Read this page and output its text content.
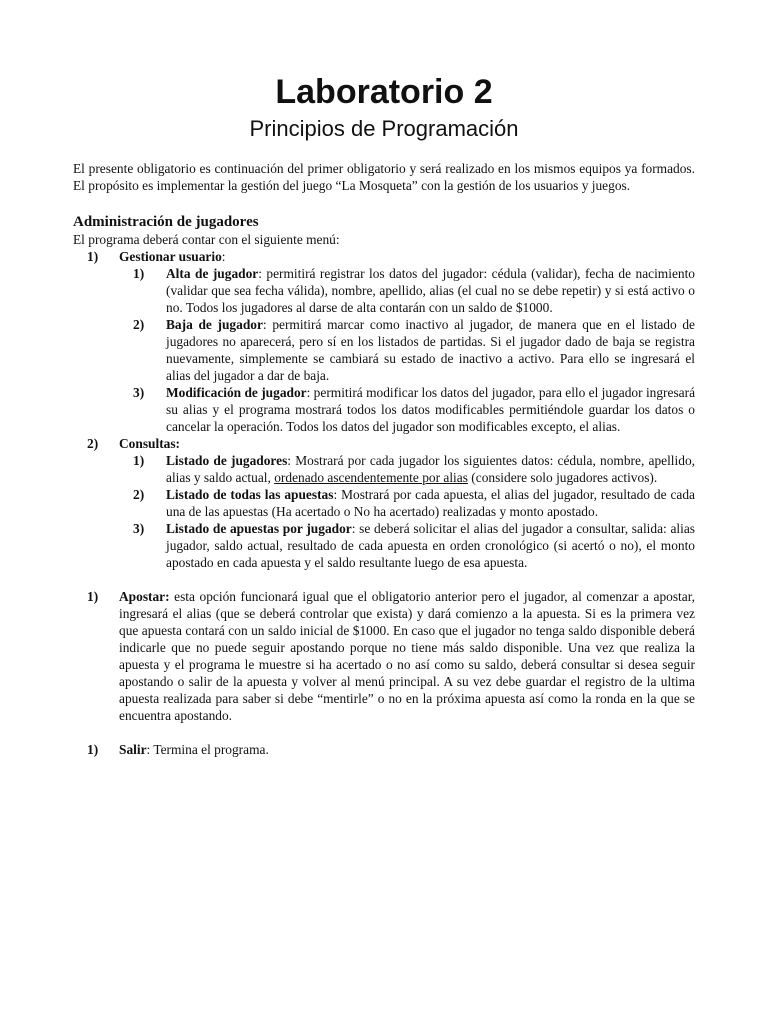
Laboratorio 2
Principios de Programación

El presente obligatorio es continuación del primer obligatorio y será realizado en los mismos equipos ya formados. El propósito es implementar la gestión del juego “La Mosqueta” con la gestión de los usuarios y juegos.

Administración de jugadores

El programa deberá contar con el siguiente menú:

1) Gestionar usuario:
1) Alta de jugador: permitirá registrar los datos del jugador: cédula (validar), fecha de nacimiento (validar que sea fecha válida), nombre, apellido, alias (el cual no se debe repetir) y si está activo o no. Todos los jugadores al darse de alta contarán con un saldo de $1000.
2) Baja de jugador: permitirá marcar como inactivo al jugador, de manera que en el listado de jugadores no aparecerá, pero sí en los listados de partidas. Si el jugador dado de baja se registra nuevamente, simplemente se cambiará su estado de inactivo a activo. Para ello se ingresará el alias del jugador a dar de baja.
3) Modificación de jugador: permitirá modificar los datos del jugador, para ello el jugador ingresará su alias y el programa mostrará todos los datos modificables permitiéndole guardar los datos o cancelar la operación. Todos los datos del jugador son modificables excepto, el alias.
2) Consultas:
1) Listado de jugadores: Mostrará por cada jugador los siguientes datos: cédula, nombre, apellido, alias y saldo actual, ordenado ascendentemente por alias (considere solo jugadores activos).
2) Listado de todas las apuestas: Mostrará por cada apuesta, el alias del jugador, resultado de cada una de las apuestas (Ha acertado o No ha acertado) realizadas y monto apostado.
3) Listado de apuestas por jugador: se deberá solicitar el alias del jugador a consultar, salida: alias jugador, saldo actual, resultado de cada apuesta en orden cronológico (si acertó o no), el monto apostado en cada apuesta y el saldo resultante luego de esa apuesta.
1) Apostar: esta opción funcionará igual que el obligatorio anterior pero el jugador, al comenzar a apostar, ingresará el alias (que se deberá controlar que exista) y dará comienzo a la apuesta. Si es la primera vez que apuesta contará con un saldo inicial de $1000. En caso que el jugador no tenga saldo disponible deberá indicarle que no puede seguir apostando porque no tiene más saldo disponible. Una vez que realiza la apuesta y el programa le muestre si ha acertado o no así como su saldo, deberá consultar si desea seguir apostando o salir de la apuesta y volver al menú principal. A su vez debe guardar el registro de la ultima apuesta realizada para saber si debe “mentirle” o no en la próxima apuesta así como la ronda en la que se encuentra apostando.
1) Salir: Termina el programa.
